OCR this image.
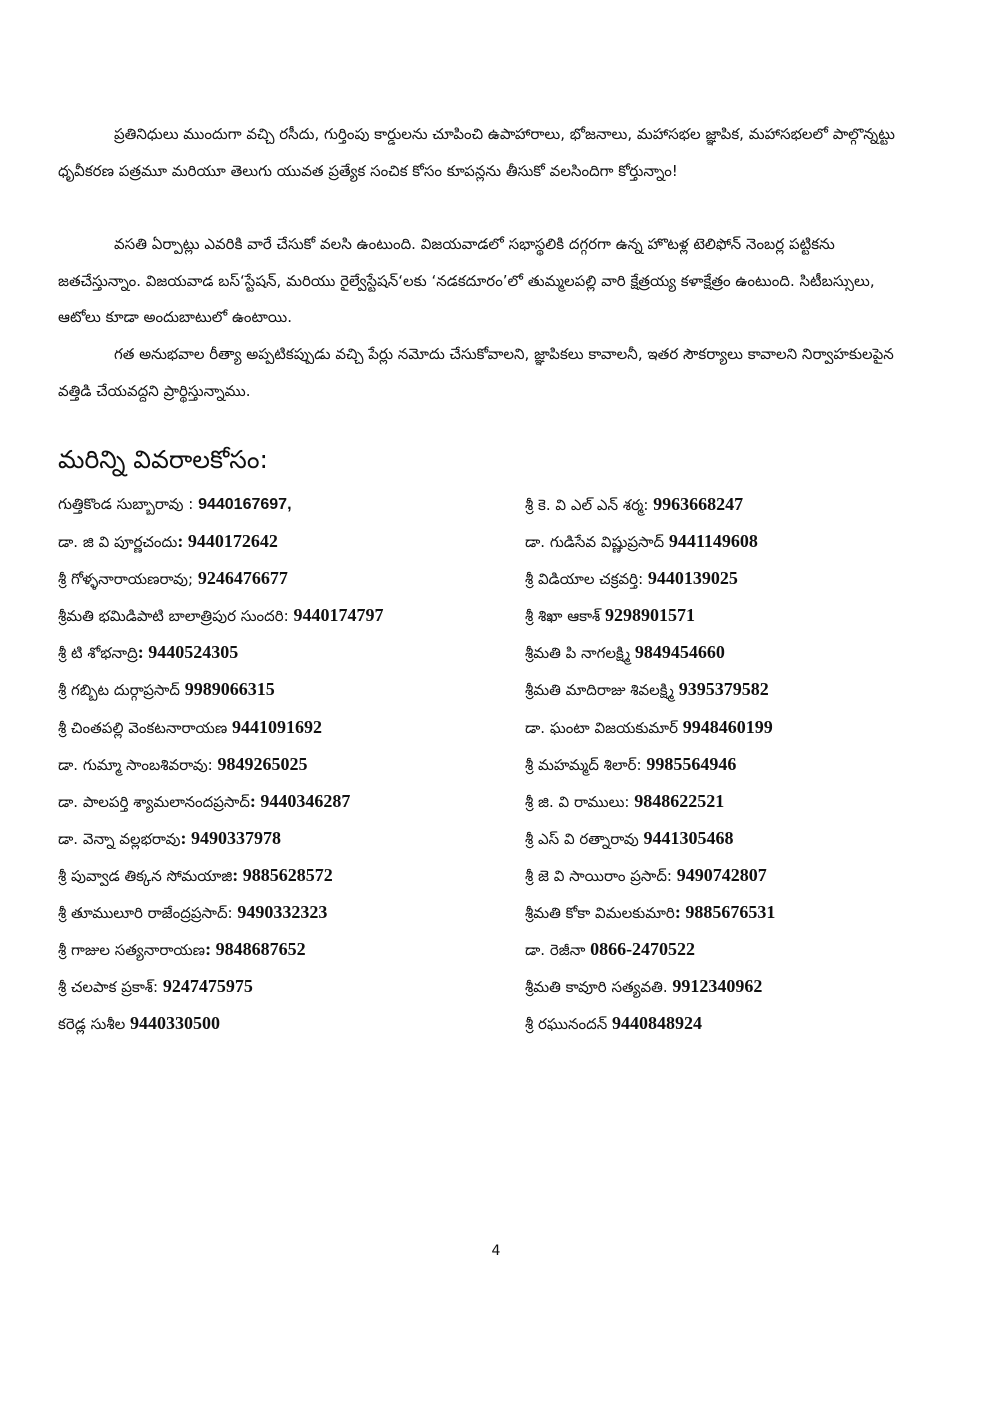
ప్రతినిధులు ముందుగా వచ్చి రసీదు, గుర్తింపు కార్డులను చూపించి ఉపాహారాలు, భోజనాలు, మహాసభల జ్ఞాపిక, మహాసభలలో పాల్గొన్నట్టు ధృవీకరణ పత్రమూ మరియూ తెలుగు యువత ప్రత్యేక సంచిక కోసం కూపన్లను తీసుకో వలసిందిగా కోర్తున్నాం!
వసతి ఏర్పాట్లు ఎవరికి వారే చేసుకో వలసి ఉంటుంది. విజయవాడలో సభాస్థలికి దగ్గరగా ఉన్న హొటళ్ల టెలిఫోన్ నెంబర్ల పట్టికను జతచేస్తున్నాం. విజయవాడ బస్‘స్టేషన్, మరియు రైల్వేస్టేషన్‘లకు ‘నడకదూరం’లో తుమ్మలపల్లి వారి క్షేత్రయ్య కళాక్షేత్రం ఉంటుంది. సిటీబస్సులు, ఆటోలు కూడా అందుబాటులో ఉంటాయి.
గత అనుభవాల రీత్యా అప్పటికప్పుడు వచ్చి పేర్లు నమోదు చేసుకోవాలని, జ్ఞాపికలు కావాలనీ, ఇతర సౌకర్యాలు కావాలని నిర్వాహకులపైన వత్తిడి చేయవద్దని ప్రార్థిస్తున్నాము.
మరిన్ని వివరాలకోసం:
గుత్తికొండ సుబ్బారావు : 9440167697,
డా. జి వి పూర్ణచందు: 9440172642
శ్రీ గోళ్ళనారాయణరావు; 9246476677
శ్రీమతి భమిడిపాటి బాలాత్రిపుర సుందరి: 9440174797
శ్రీ టి శోభనాద్రి: 9440524305
శ్రీ గబ్బిట దుర్గాప్రసాద్ 9989066315
శ్రీ చింతపల్లి వెంకటనారాయణ 9441091692
డా. గుమ్మా సాంబశివరావు: 9849265025
డా. పాలపర్తి శ్యామలానందప్రసాద్: 9440346287
డా. వెన్నా వల్లభరావు: 9490337978
శ్రీ పువ్వాడ తిక్కన సోమయాజి: 9885628572
శ్రీ తూములూరి రాజేంద్రప్రసాద్: 9490332323
శ్రీ గాజుల సత్యనారాయణ: 9848687652
శ్రీ చలపాక ప్రకాశ్: 9247475975
కరెడ్ల సుశీల 9440330500
శ్రీ కె. వి ఎల్ ఎన్ శర్మ: 9963668247
డా. గుడిసేవ విష్ణుప్రసాద్ 9441149608
శ్రీ విడియాల చక్రవర్తి: 9440139025
శ్రీ శిఖా ఆకాశ్ 9298901571
శ్రీమతి పి నాగలక్ష్మి 9849454660
శ్రీమతి మాదిరాజు శివలక్ష్మి 9395379582
డా. ఘంటా విజయకుమార్ 9948460199
శ్రీ మహమ్మద్ శిలార్: 9985564946
శ్రీ జి. వి రాములు: 9848622521
శ్రీ ఎస్ వి రత్నారావు 9441305468
శ్రీ జె వి సాయిరాం ప్రసాద్: 9490742807
శ్రీమతి కోకా విమలకుమారి: 9885676531
డా. రెజీనా 0866-2470522
శ్రీమతి కావూరి సత్యవతి. 9912340962
శ్రీ రఘునందన్ 9440848924
4
